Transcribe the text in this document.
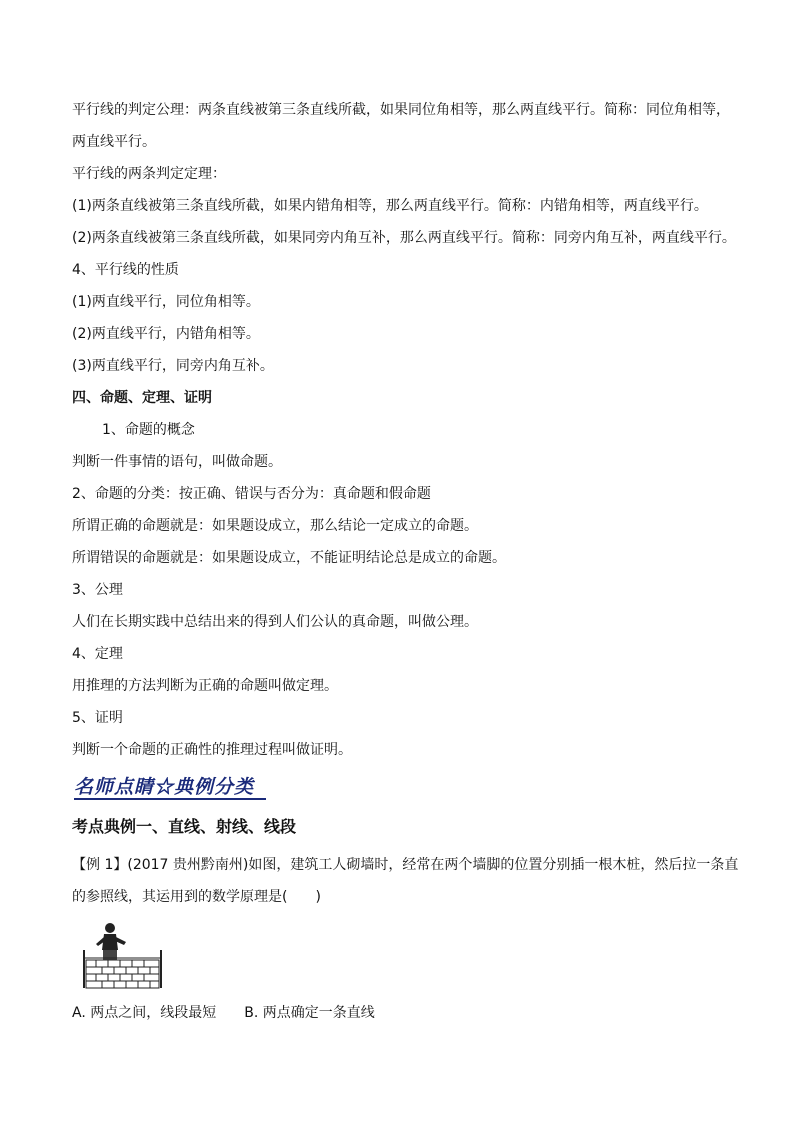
平行线的判定公理：两条直线被第三条直线所截，如果同位角相等，那么两直线平行。简称：同位角相等，

两直线平行。

平行线的两条判定定理：

(1)两条直线被第三条直线所截，如果内错角相等，那么两直线平行。简称：内错角相等，两直线平行。

(2)两条直线被第三条直线所截，如果同旁内角互补，那么两直线平行。简称：同旁内角互补，两直线平行。

4、平行线的性质

(1)两直线平行，同位角相等。

(2)两直线平行，内错角相等。

(3)两直线平行，同旁内角互补。

四、命题、定理、证明

1、命题的概念

判断一件事情的语句，叫做命题。

2、命题的分类：按正确、错误与否分为：真命题和假命题

所谓正确的命题就是：如果题设成立，那么结论一定成立的命题。

所谓错误的命题就是：如果题设成立，不能证明结论总是成立的命题。

3、公理

人们在长期实践中总结出来的得到人们公认的真命题，叫做公理。

4、定理

用推理的方法判断为正确的命题叫做定理。

5、证明

判断一个命题的正确性的推理过程叫做证明。

名师点睛☆典例分类

考点典例一、直线、射线、线段

【例 1】(2017 贵州黔南州)如图，建筑工人砌墙时，经常在两个墙脚的位置分别插一根木桩，然后拉一条直

的参照线，其运用到的数学原理是(　　)

A. 两点之间，线段最短　　B. 两点确定一条直线
